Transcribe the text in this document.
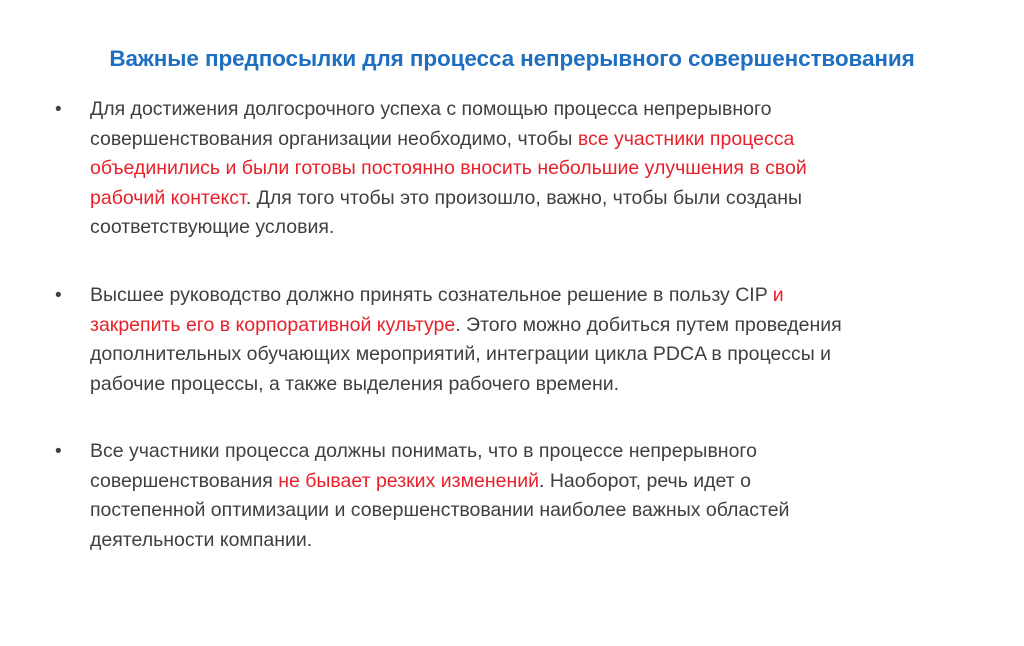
Важные предпосылки для процесса непрерывного совершенствования
• Для достижения долгосрочного успеха с помощью процесса непрерывного
совершенствования организации необходимо, чтобы все участники процесса
объединились и были готовы постоянно вносить небольшие улучшения в свой
рабочий контекст. Для того чтобы это произошло, важно, чтобы были созданы
соответствующие условия.
• Высшее руководство должно принять сознательное решение в пользу CIP и
закрепить его в корпоративной культуре. Этого можно добиться путем проведения
дополнительных обучающих мероприятий, интеграции цикла PDCA в процессы и
рабочие процессы, а также выделения рабочего времени.
• Все участники процесса должны понимать, что в процессе непрерывного
совершенствования не бывает резких изменений. Наоборот, речь идет о
постепенной оптимизации и совершенствовании наиболее важных областей
деятельности компании.
